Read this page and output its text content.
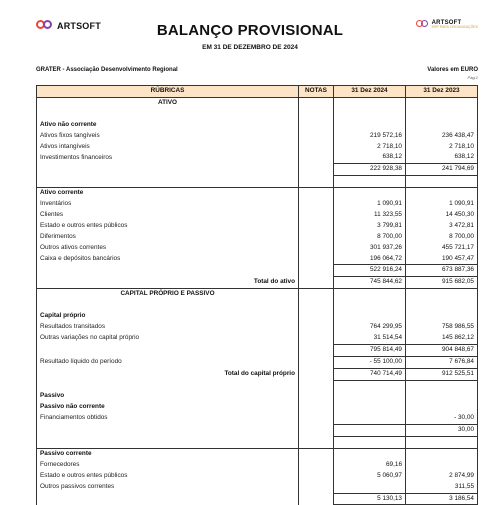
ARTSOFT	ARTSOFT
ERP PARA ORGANIZAÇÕES
BALANÇO PROVISIONAL
EM 31 DE DEZEMBRO DE 2024
GRATER - Associação Desenvolvimento Regional	Valores em EURO
Pág.1
RÚBRICAS	NOTAS	31 Dez 2024	31 Dez 2023
ATIVO			

Ativo não corrente			
Ativos fixos tangíveis		219 572,16	236 438,47
Ativos intangíveis		2 718,10	2 718,10
Investimentos financeiros		638,12	638,12
		222 928,38	241 794,69

Ativo corrente			
Inventários		1 090,91	1 090,91
Clientes		11 323,55	14 450,30
Estado e outros entes públicos		3 799,81	3 472,81
Diferimentos		8 700,00	8 700,00
Outros ativos correntes		301 937,26	455 721,17
Caixa e depósitos bancários		196 064,72	190 457,47
		522 916,24	673 887,36
Total do ativo		745 844,62	915 682,05
CAPITAL PRÓPRIO E PASSIVO			

Capital próprio			
Resultados transitados		764 299,95	758 986,55
Outras variações no capital próprio		31 514,54	145 862,12
		795 814,49	904 848,67
Resultado líquido do período		- 55 100,00	7 676,84
Total do capital próprio		740 714,49	912 525,51

Passivo			
Passivo não corrente			
Financiamentos obtidos			- 30,00
			30,00

Passivo corrente			
Fornecedores		69,16	
Estado e outros entes públicos		5 060,97	2 874,99
Outros passivos correntes			311,55
		5 130,13	3 186,54
